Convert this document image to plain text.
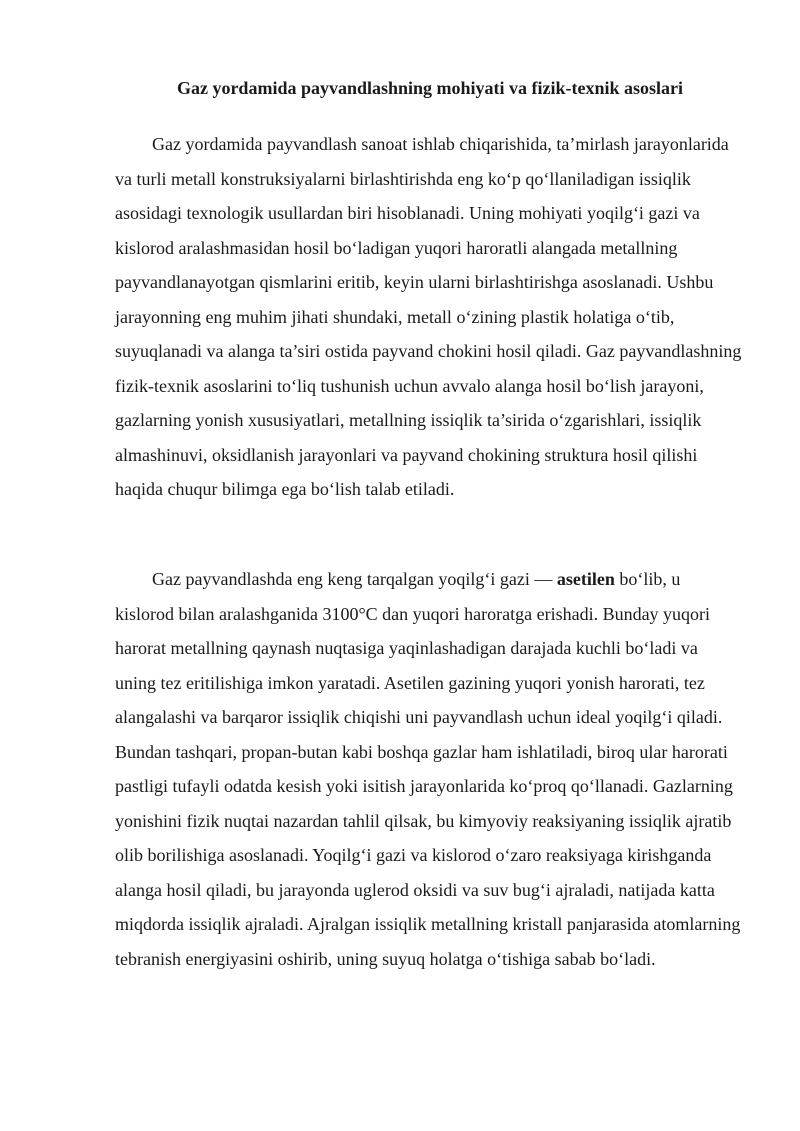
Gaz yordamida payvandlashning mohiyati va fizik-texnik asoslari

Gaz yordamida payvandlash sanoat ishlab chiqarishida, ta’mirlash jarayonlarida va turli metall konstruksiyalarni birlashtirishda eng ko‘p qo‘llaniladigan issiqlik asosidagi texnologik usullardan biri hisoblanadi. Uning mohiyati yoqilg‘i gazi va kislorod aralashmasidan hosil bo‘ladigan yuqori haroratli alangada metallning payvandlanayotgan qismlarini eritib, keyin ularni birlashtirishga asoslanadi. Ushbu jarayonning eng muhim jihati shundaki, metall o‘zining plastik holatiga o‘tib, suyuqlanadi va alanga ta’siri ostida payvand chokini hosil qiladi. Gaz payvandlashning fizik-texnik asoslarini to‘liq tushunish uchun avvalo alanga hosil bo‘lish jarayoni, gazlarning yonish xususiyatlari, metallning issiqlik ta’sirida o‘zgarishlari, issiqlik almashinuvi, oksidlanish jarayonlari va payvand chokining struktura hosil qilishi haqida chuqur bilimga ega bo‘lish talab etiladi.

Gaz payvandlashda eng keng tarqalgan yoqilg‘i gazi — asetilen bo‘lib, u kislorod bilan aralashganida 3100°C dan yuqori haroratga erishadi. Bunday yuqori harorat metallning qaynash nuqtasiga yaqinlashadigan darajada kuchli bo‘ladi va uning tez eritilishiga imkon yaratadi. Asetilen gazining yuqori yonish harorati, tez alangalashi va barqaror issiqlik chiqishi uni payvandlash uchun ideal yoqilg‘i qiladi. Bundan tashqari, propan-butan kabi boshqa gazlar ham ishlatiladi, biroq ular harorati pastligi tufayli odatda kesish yoki isitish jarayonlarida ko‘proq qo‘llanadi. Gazlarning yonishini fizik nuqtai nazardan tahlil qilsak, bu kimyoviy reaksiyaning issiqlik ajratib olib borilishiga asoslanadi. Yoqilg‘i gazi va kislorod o‘zaro reaksiyaga kirishganda alanga hosil qiladi, bu jarayonda uglerod oksidi va suv bug‘i ajraladi, natijada katta miqdorda issiqlik ajraladi. Ajralgan issiqlik metallning kristall panjarasida atomlarning tebranish energiyasini oshirib, uning suyuq holatga o‘tishiga sabab bo‘ladi.
